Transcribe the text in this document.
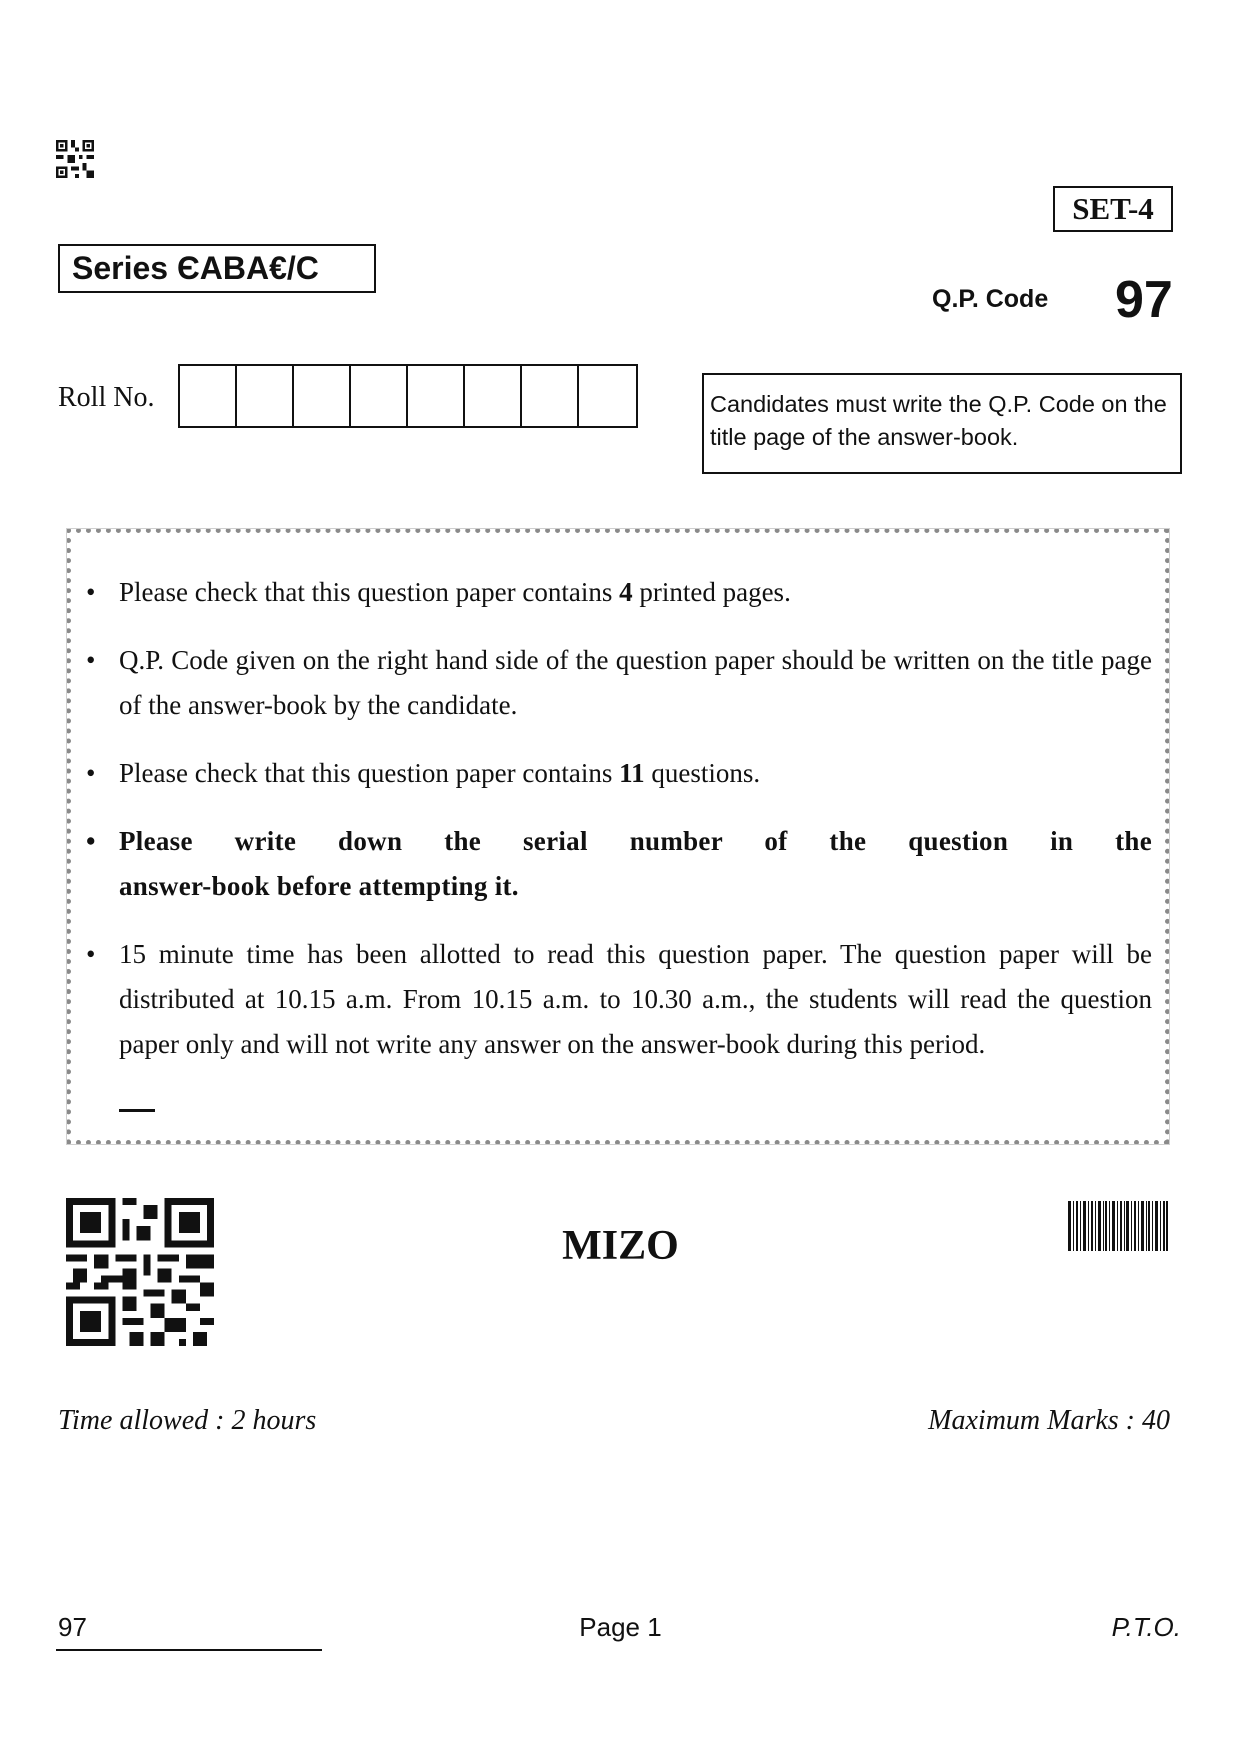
SET-4
Series ЄABA€/C
Q.P. Code 97
Roll No.	Candidates must write the Q.P. Code on the title page of the answer-book.
• Please check that this question paper contains 4 printed pages.
• Q.P. Code given on the right hand side of the question paper should be written on the title page of the answer-book by the candidate.
• Please check that this question paper contains 11 questions.
• Please write down the serial number of the question in the
answer-book before attempting it.
• 15 minute time has been allotted to read this question paper. The question paper will be distributed at 10.15 a.m. From 10.15 a.m. to 10.30 a.m., the students will read the question paper only and will not write any answer on the answer-book during this period.
MIZO
Time allowed : 2 hours	Maximum Marks : 40
97	Page 1	P.T.O.
